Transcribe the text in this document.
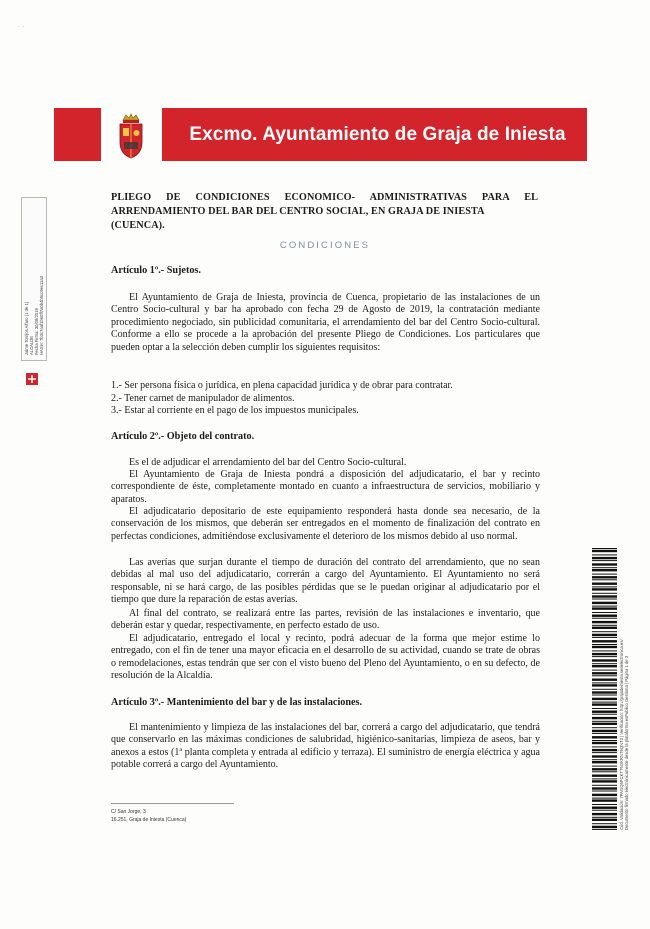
·  ·
Excmo. Ayuntamiento de Graja de Iniesta
Jaime Torrijos Alfaro (1 de 1) ALCALDE Fecha Firma: 30/08/2019 HASH: 7b3c7aaf1b60ff7a0b4b5cc9ec11a3
Cód. Validación: 7PAGQ6PCKTT6GKRNT6QNT3 | Verificación: http://grajadeiniesta.sedelectronica.es/ Documento firmado electrónicamente desde la plataforma esPublico Gestiona | Página 1 de 3
PLIEGO DE CONDICIONES ECONOMICO- ADMINISTRATIVAS PARA EL
ARRENDAMIENTO DEL BAR DEL CENTRO SOCIAL, EN GRAJA DE INIESTA (CUENCA).
CONDICIONES
Artículo 1º.- Sujetos.
El Ayuntamiento de Graja de Iniesta, provincia de Cuenca, propietario de las instalaciones de un Centro Socio-cultural y bar ha aprobado con fecha 29 de Agosto de 2019, la contratación mediante procedimiento negociado, sin publicidad comunitaria, el arrendamiento del bar del Centro Socio-cultural. Conforme a ello se procede a la aprobación del presente Pliego de Condiciones. Los particulares que pueden optar a la selección deben cumplir los siguientes requisitos:
1.- Ser persona física o jurídica, en plena capacidad jurídica y de obrar para contratar.
2.- Tener carnet de manipulador de alimentos.
3.- Estar al corriente en el pago de los impuestos municipales.
Artículo 2º.- Objeto del contrato.
Es el de adjudicar el arrendamiento del bar del Centro Socio-cultural.
El Ayuntamiento de Graja de Iniesta pondrá a disposición del adjudicatario, el bar y recinto correspondiente de éste, completamente montado en cuanto a infraestructura de servicios, mobiliario y aparatos.
El adjudicatario depositario de este equipamiento responderá hasta donde sea necesario, de la conservación de los mismos, que deberán ser entregados en el momento de finalización del contrato en perfectas condiciones, admitiéndose exclusivamente el deterioro de los mismos debido al uso normal.
Las averías que surjan durante el tiempo de duración del contrato del arrendamiento, que no sean debidas al mal uso del adjudicatario, correrán a cargo del Ayuntamiento. El Ayuntamiento no será responsable, ni se hará cargo, de las posibles pérdidas que se le puedan originar al adjudicatario por el tiempo que dure la reparación de estas averías.
Al final del contrato, se realizará entre las partes, revisión de las instalaciones e inventario, que deberán estar y quedar, respectivamente, en perfecto estado de uso.
El adjudicatario, entregado el local y recinto, podrá adecuar de la forma que mejor estime lo entregado, con el fin de tener una mayor eficacia en el desarrollo de su actividad, cuando se trate de obras o remodelaciones, estas tendrán que ser con el visto bueno del Pleno del Ayuntamiento, o en su defecto, de resolución de la Alcaldía.
Artículo 3º.- Mantenimiento del bar y de las instalaciones.
El mantenimiento y limpieza de las instalaciones del bar, correrá a cargo del adjudicatario, que tendrá que conservarlo en las máximas condiciones de salubridad, higiénico-sanitarias, limpieza de aseos, bar y anexos a estos (1ª planta completa y entrada al edificio y terraza). El suministro de energía eléctrica y agua potable correrá a cargo del Ayuntamiento.
C/ San Jorge, 3
16.251, Graja de Iniesta (Cuenca)
